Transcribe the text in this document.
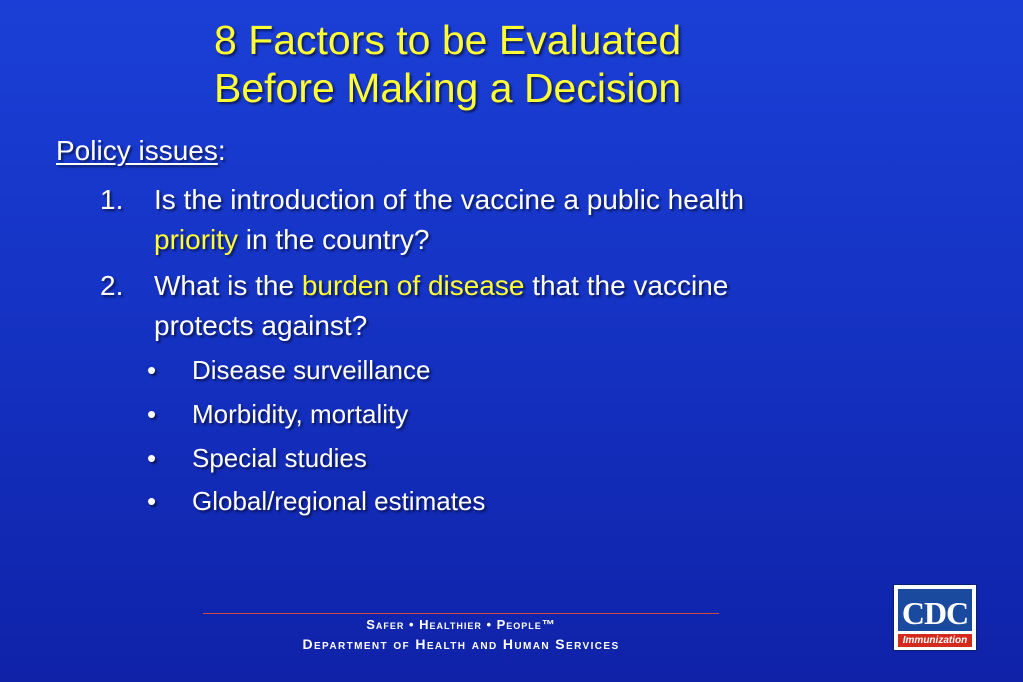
8 Factors to be Evaluated
Before Making a Decision
Policy issues:
1. Is the introduction of the vaccine a public health
priority in the country?
2. What is the burden of disease that the vaccine
protects against?
• Disease surveillance
• Morbidity, mortality
• Special studies
• Global/regional estimates
Safer • Healthier • People™
Department of Health and Human Services
CDC
Immunization
